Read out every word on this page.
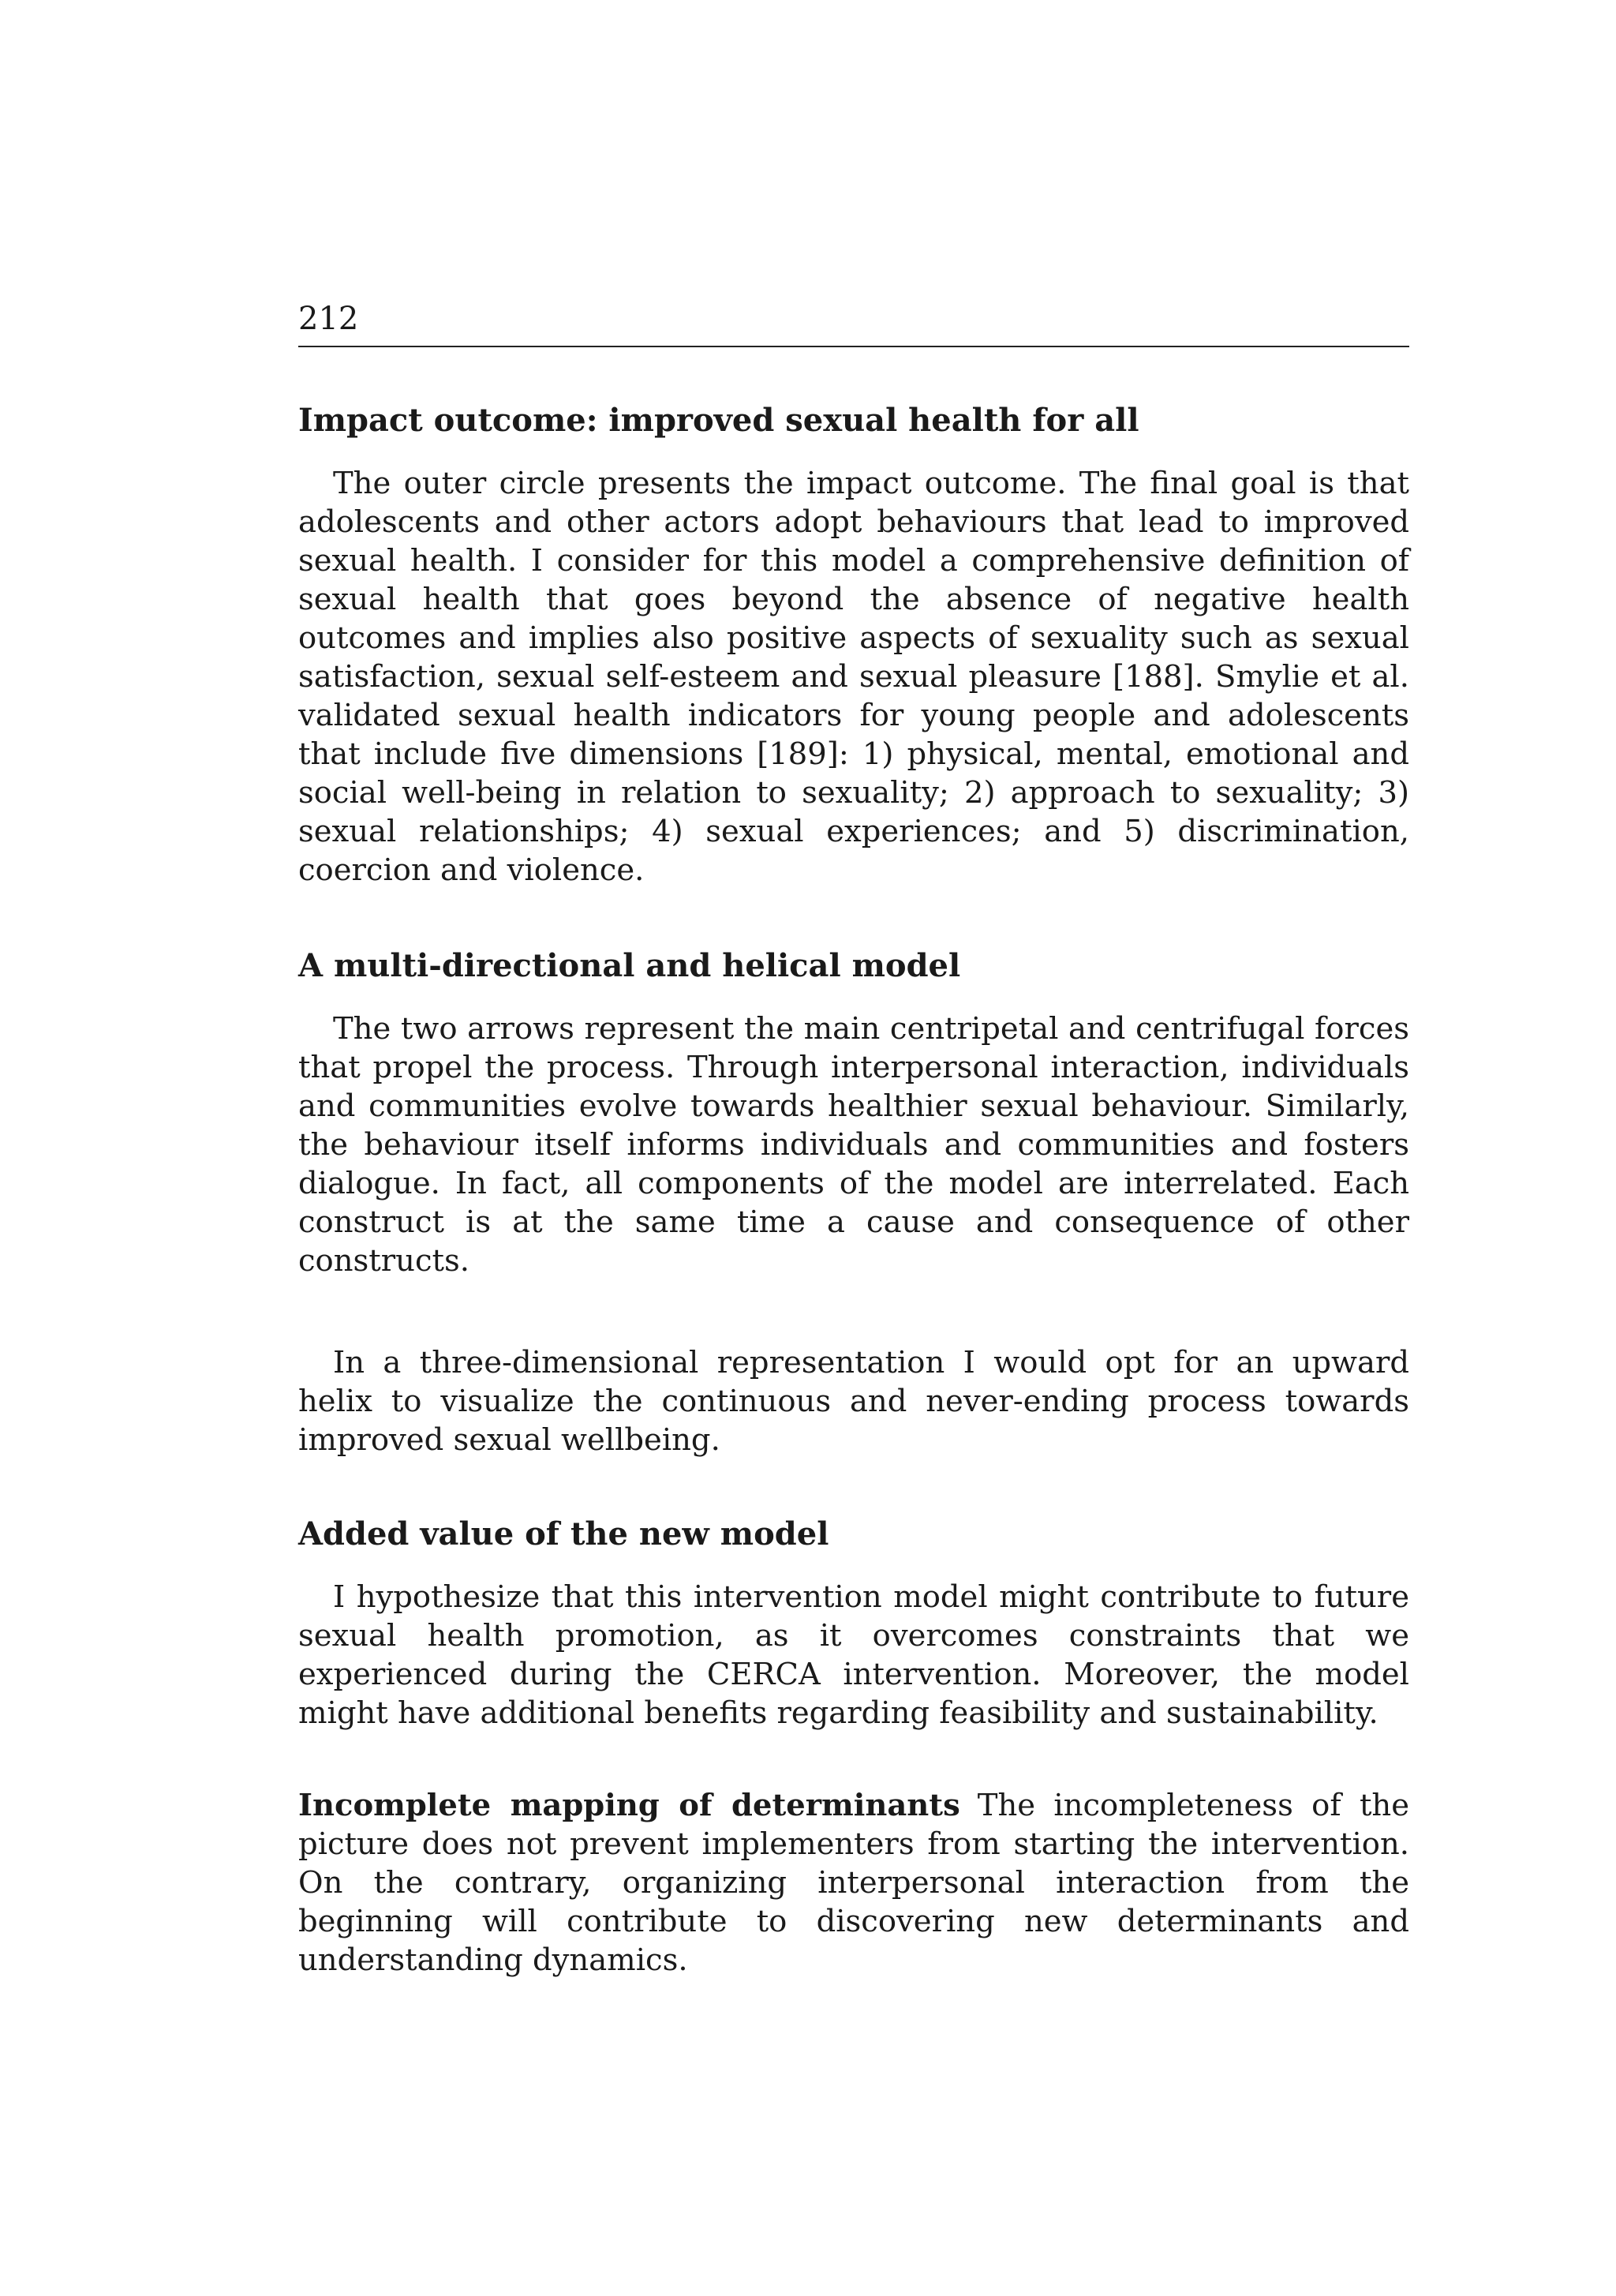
212
Impact outcome: improved sexual health for all

The outer circle presents the impact outcome. The final goal is that adolescents and other actors adopt behaviours that lead to improved sexual health. I consider for this model a comprehensive definition of sexual health that goes beyond the absence of negative health outcomes and implies also positive aspects of sexuality such as sexual satisfaction, sexual self-esteem and sexual pleasure [188]. Smylie et al. validated sexual health indicators for young people and adolescents that include five dimensions [189]: 1) physical, mental, emotional and social well-being in relation to sexuality; 2) approach to sexuality; 3) sexual relationships; 4) sexual experiences; and 5) discrimination, coercion and violence.

A multi-directional and helical model

The two arrows represent the main centripetal and centrifugal forces that propel the process. Through interpersonal interaction, individuals and communities evolve towards healthier sexual behaviour. Similarly, the behaviour itself informs individuals and communities and fosters dialogue. In fact, all components of the model are interrelated. Each construct is at the same time a cause and consequence of other constructs.

In a three-dimensional representation I would opt for an upward helix to visualize the continuous and never-ending process towards improved sexual wellbeing.

Added value of the new model

I hypothesize that this intervention model might contribute to future sexual health promotion, as it overcomes constraints that we experienced during the CERCA intervention. Moreover, the model might have additional benefits regarding feasibility and sustainability.

Incomplete mapping of determinants The incompleteness of the picture does not prevent implementers from starting the intervention. On the contrary, organizing interpersonal interaction from the beginning will contribute to discovering new determinants and understanding dynamics.
